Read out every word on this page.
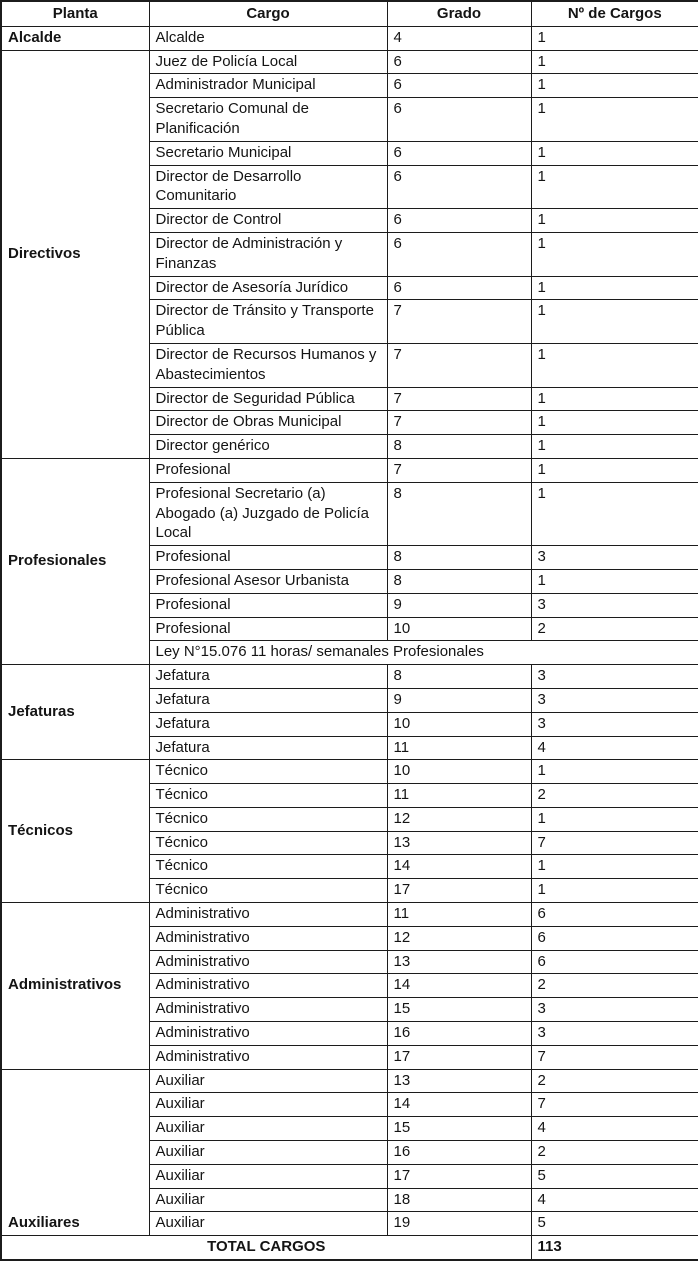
Planta	Cargo	Grado	Nº de Cargos
Alcalde	Alcalde	4	1
Directivos	Juez de Policía Local	6	1
	Administrador Municipal	6	1
	Secretario Comunal de Planificación	6	1
	Secretario Municipal	6	1
	Director de Desarrollo Comunitario	6	1
	Director de Control	6	1
	Director de Administración y Finanzas	6	1
	Director de Asesoría Jurídico	6	1
	Director de Tránsito y Transporte Pública	7	1
	Director de Recursos Humanos y Abastecimientos	7	1
	Director de Seguridad Pública	7	1
	Director de Obras Municipal	7	1
	Director genérico	8	1
Profesionales	Profesional	7	1
	Profesional Secretario (a) Abogado (a) Juzgado de Policía Local	8	1
	Profesional	8	3
	Profesional Asesor Urbanista	8	1
	Profesional	9	3
	Profesional	10	2
	Ley N°15.076 11 horas/ semanales Profesionales		
Jefaturas	Jefatura	8	3
	Jefatura	9	3
	Jefatura	10	3
	Jefatura	11	4
Técnicos	Técnico	10	1
	Técnico	11	2
	Técnico	12	1
	Técnico	13	7
	Técnico	14	1
	Técnico	17	1
Administrativos	Administrativo	11	6
	Administrativo	12	6
	Administrativo	13	6
	Administrativo	14	2
	Administrativo	15	3
	Administrativo	16	3
	Administrativo	17	7
Auxiliares	Auxiliar	13	2
	Auxiliar	14	7
	Auxiliar	15	4
	Auxiliar	16	2
	Auxiliar	17	5
	Auxiliar	18	4
	Auxiliar	19	5
TOTAL CARGOS			113
